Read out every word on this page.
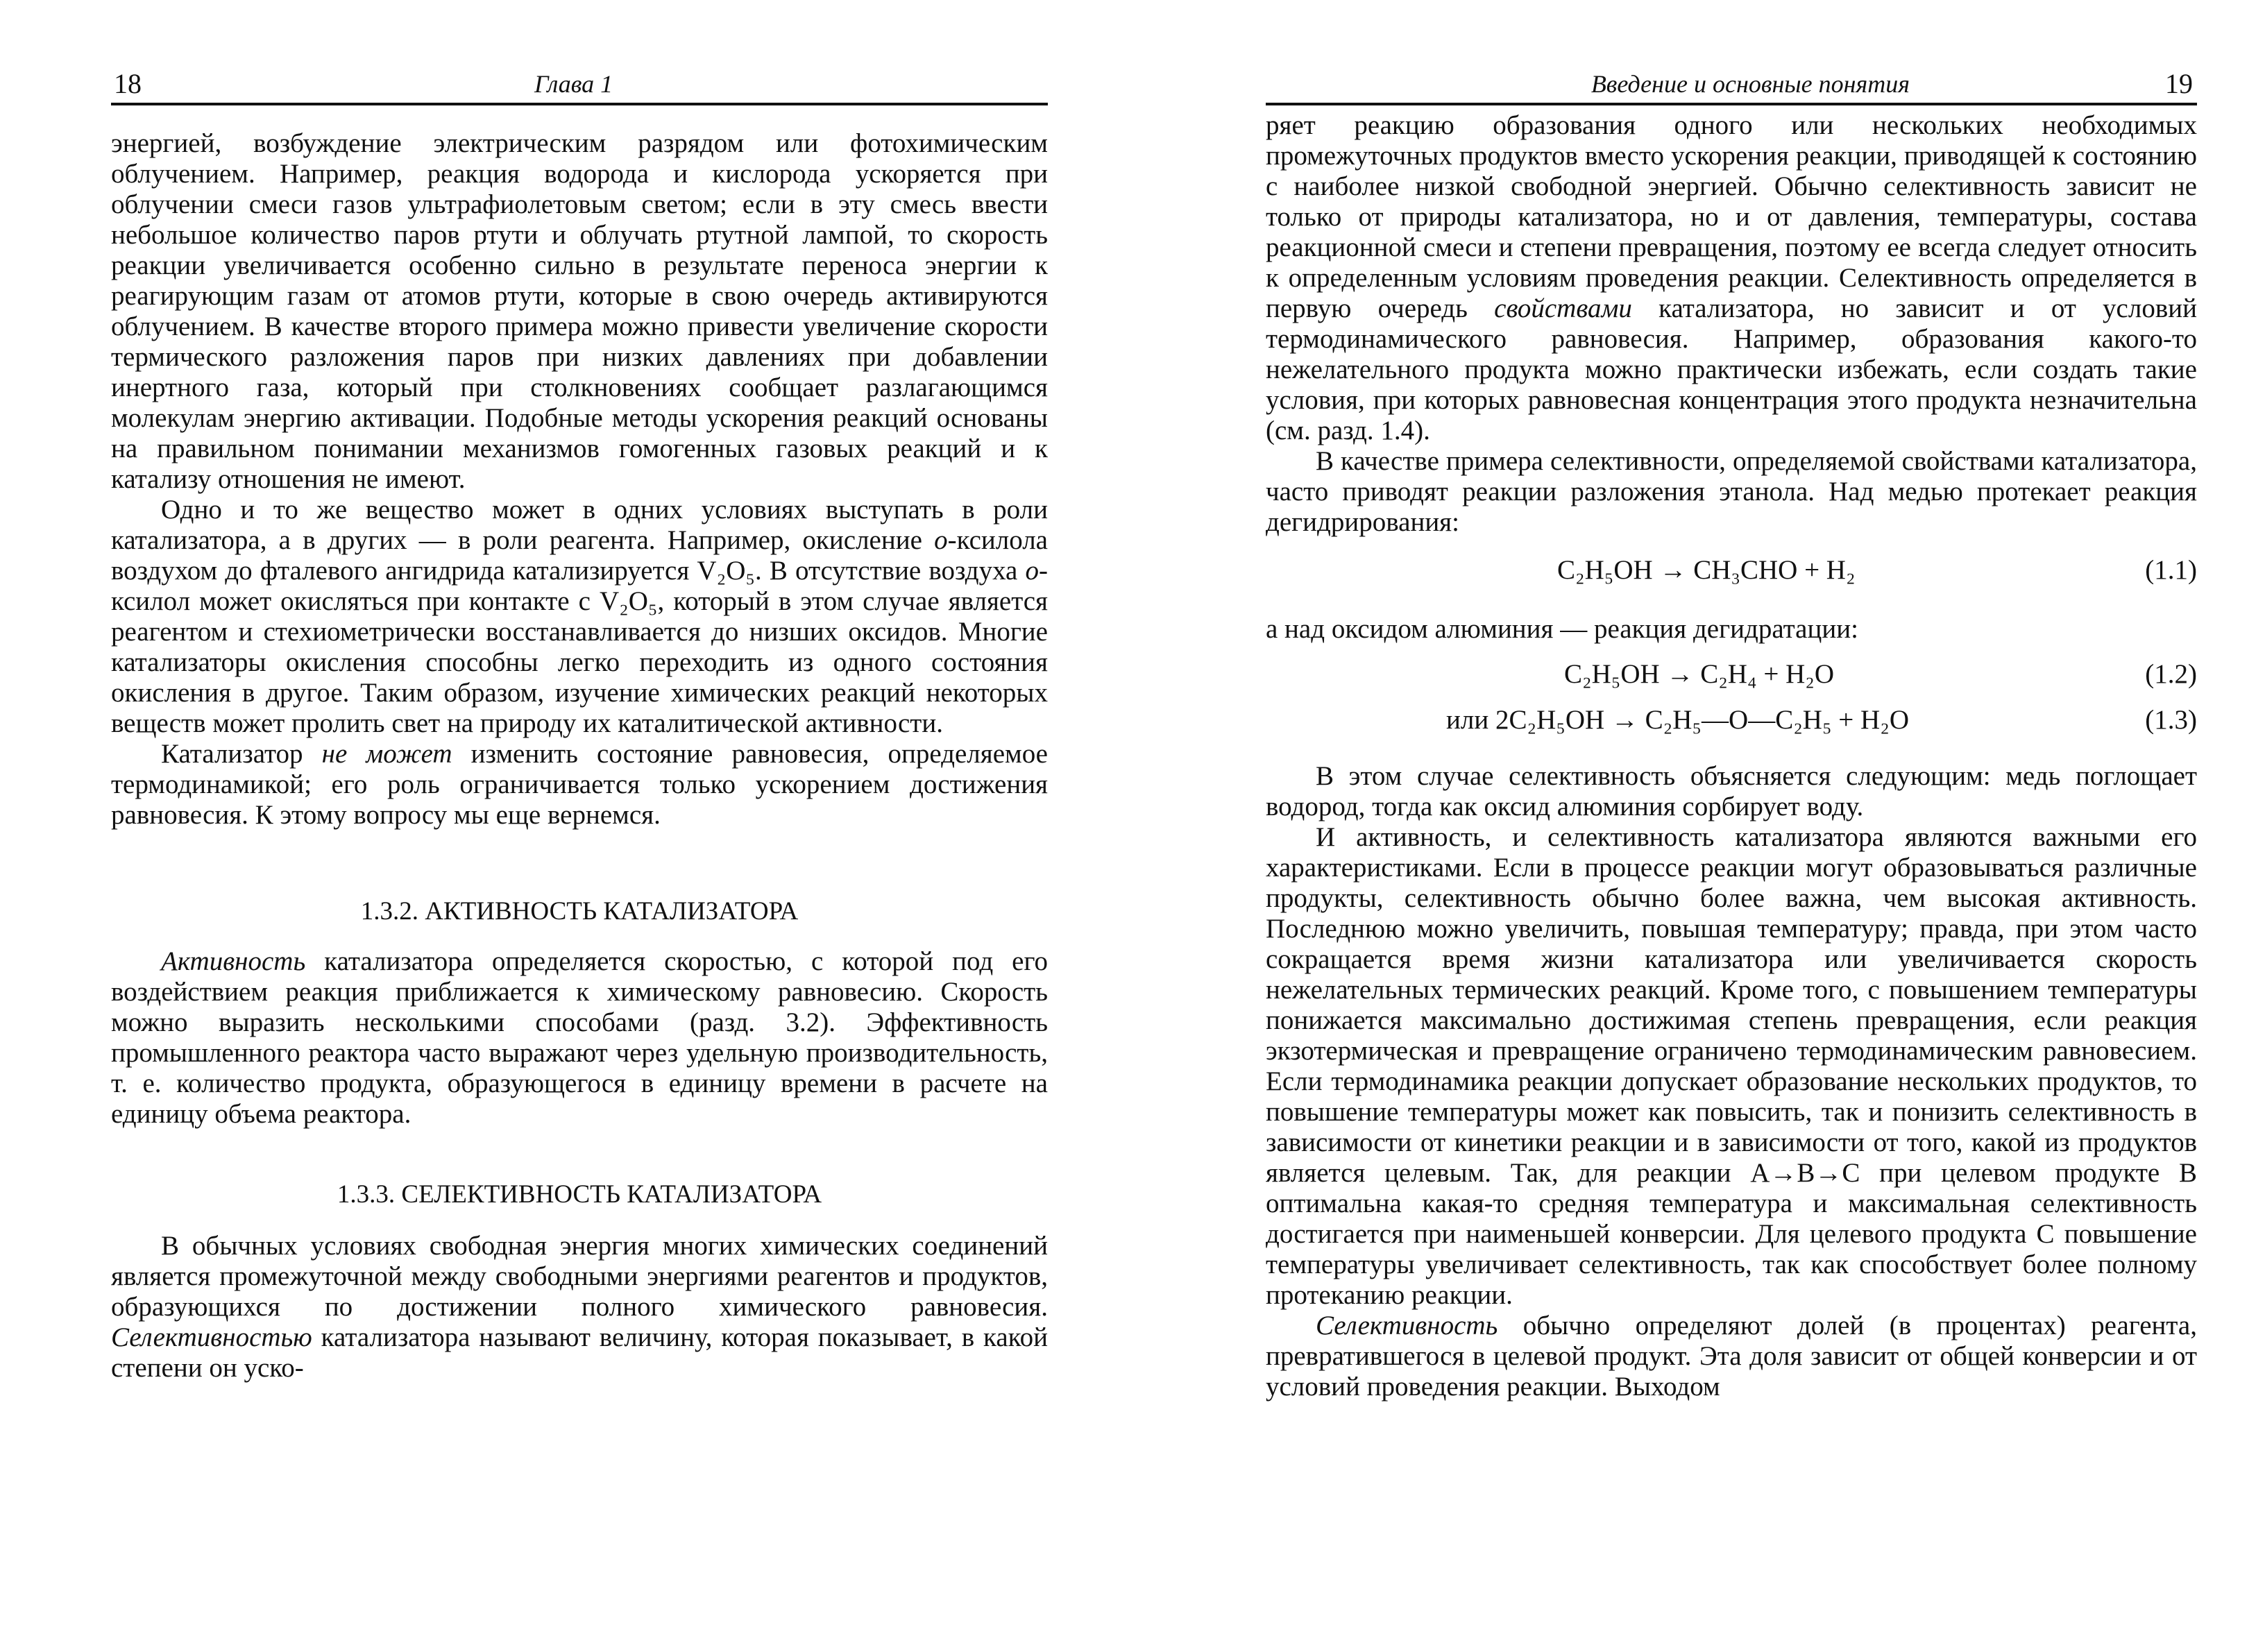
18	Глава 1

энергией, возбуждение электрическим разрядом или фотохимическим облучением. Например, реакция водорода и кислорода ускоряется при облучении смеси газов ультрафиолетовым светом; если в эту смесь ввести небольшое количество паров ртути и облучать ртутной лампой, то скорость реакции увеличивается особенно сильно в результате переноса энергии к реагирующим газам от атомов ртути, которые в свою очередь активируются облучением. В качестве второго примера можно привести увеличение скорости термического разложения паров при низких давлениях при добавлении инертного газа, который при столкновениях сообщает разлагающимся молекулам энергию активации. Подобные методы ускорения реакций основаны на правильном понимании механизмов гомогенных газовых реакций и к катализу отношения не имеют.

Одно и то же вещество может в одних условиях выступать в роли катализатора, а в других — в роли реагента. Например, окисление о-ксилола воздухом до фталевого ангидрида катализируется V₂O₅. В отсутствие воздуха о-ксилол может окисляться при контакте с V₂O₅, который в этом случае является реагентом и стехиометрически восстанавливается до низших оксидов. Многие катализаторы окисления способны легко переходить из одного состояния окисления в другое. Таким образом, изучение химических реакций некоторых веществ может пролить свет на природу их каталитической активности.

Катализатор не может изменить состояние равновесия, определяемое термодинамикой; его роль ограничивается только ускорением достижения равновесия. К этому вопросу мы еще вернемся.

1.3.2. АКТИВНОСТЬ КАТАЛИЗАТОРА

Активность катализатора определяется скоростью, с которой под его воздействием реакция приближается к химическому равновесию. Скорость можно выразить несколькими способами (разд. 3.2). Эффективность промышленного реактора часто выражают через удельную производительность, т. е. количество продукта, образующегося в единицу времени в расчете на единицу объема реактора.

1.3.3. СЕЛЕКТИВНОСТЬ КАТАЛИЗАТОРА

В обычных условиях свободная энергия многих химических соединений является промежуточной между свободными энергиями реагентов и продуктов, образующихся по достижении полного химического равновесия. Селективностью катализатора называют величину, которая показывает, в какой степени он уско-

Введение и основные понятия	19

ряет реакцию образования одного или нескольких необходимых промежуточных продуктов вместо ускорения реакции, приводящей к состоянию с наиболее низкой свободной энергией. Обычно селективность зависит не только от природы катализатора, но и от давления, температуры, состава реакционной смеси и степени превращения, поэтому ее всегда следует относить к определенным условиям проведения реакции. Селективность определяется в первую очередь свойствами катализатора, но зависит и от условий термодинамического равновесия. Например, образования какого-то нежелательного продукта можно практически избежать, если создать такие условия, при которых равновесная концентрация этого продукта незначительна (см. разд. 1.4).

В качестве примера селективности, определяемой свойствами катализатора, часто приводят реакции разложения этанола. Над медью протекает реакция дегидрирования:

C₂H₅OH → CH₃CHO + H₂	(1.1)

а над оксидом алюминия — реакция дегидратации:

C₂H₅OH → C₂H₄ + H₂O	(1.2)
или 2C₂H₅OH → C₂H₅—O—C₂H₅ + H₂O	(1.3)

В этом случае селективность объясняется следующим: медь поглощает водород, тогда как оксид алюминия сорбирует воду.

И активность, и селективность катализатора являются важными его характеристиками. Если в процессе реакции могут образовываться различные продукты, селективность обычно более важна, чем высокая активность. Последнюю можно увеличить, повышая температуру; правда, при этом часто сокращается время жизни катализатора или увеличивается скорость нежелательных термических реакций. Кроме того, с повышением температуры понижается максимально достижимая степень превращения, если реакция экзотермическая и превращение ограничено термодинамическим равновесием. Если термодинамика реакции допускает образование нескольких продуктов, то повышение температуры может как повысить, так и понизить селективность в зависимости от кинетики реакции и в зависимости от того, какой из продуктов является целевым. Так, для реакции A→B→C при целевом продукте B оптимальна какая-то средняя температура и максимальная селективность достигается при наименьшей конверсии. Для целевого продукта C повышение температуры увеличивает селективность, так как способствует более полному протеканию реакции.

Селективность обычно определяют долей (в процентах) реагента, превратившегося в целевой продукт. Эта доля зависит от общей конверсии и от условий проведения реакции. Выходом
